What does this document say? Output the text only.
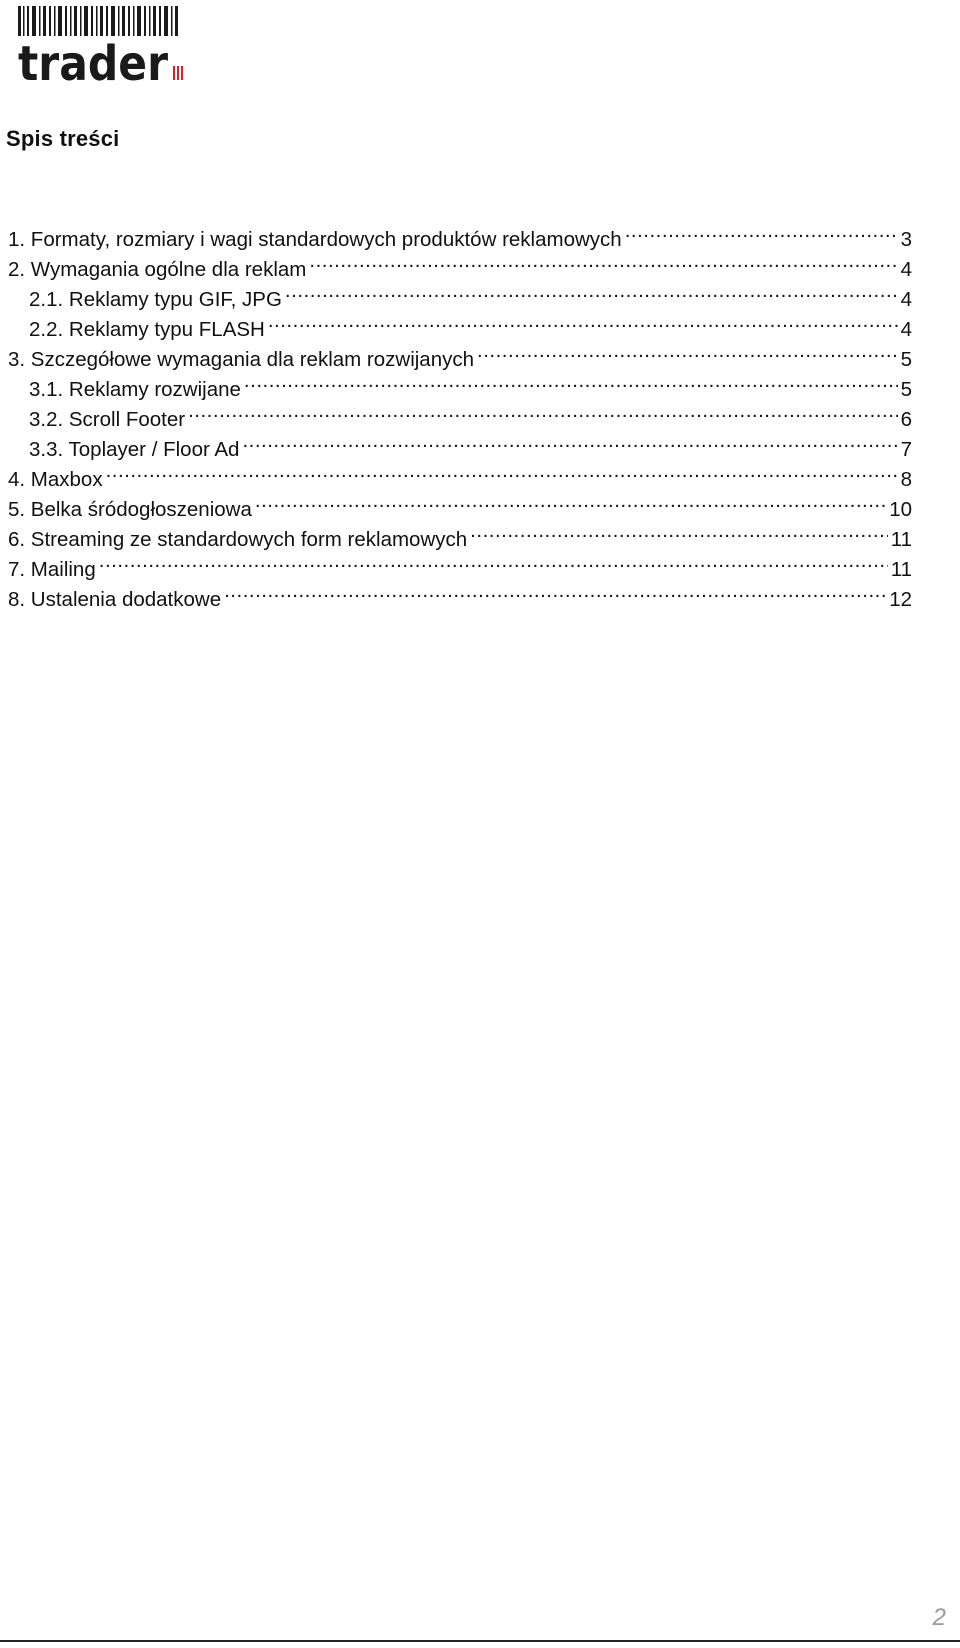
trader
Spis treści
1. Formaty, rozmiary i wagi standardowych produktów reklamowych .....	3
2. Wymagania ogólne dla reklam .....	4
2.1. Reklamy typu GIF, JPG .....	4
2.2. Reklamy typu FLASH .....	4
3. Szczegółowe wymagania dla reklam rozwijanych .....	5
3.1. Reklamy rozwijane .....	5
3.2. Scroll Footer .....	6
3.3. Toplayer / Floor Ad .....	7
4. Maxbox .....	8
5. Belka śródogłoszeniowa .....	10
6. Streaming ze standardowych form reklamowych .....	11
7. Mailing .....	11
8. Ustalenia dodatkowe .....	12
2
